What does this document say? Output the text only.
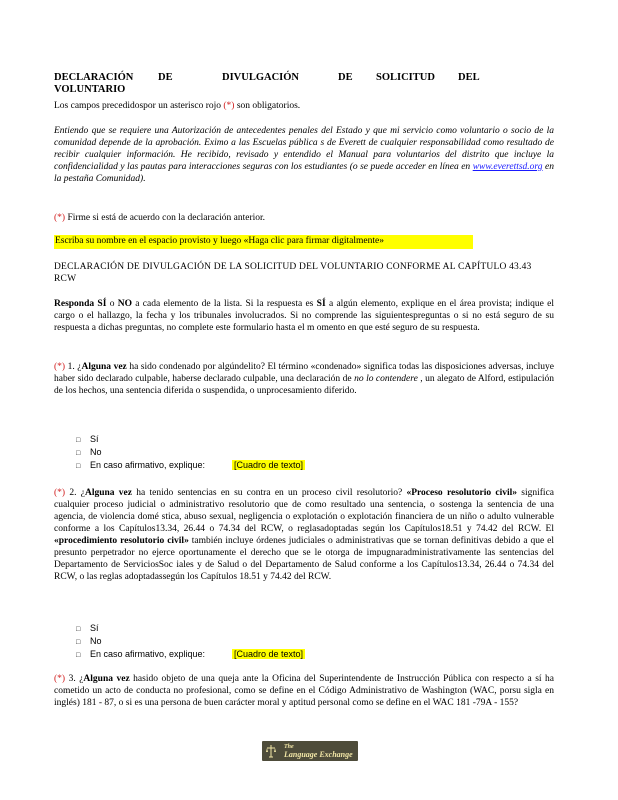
DECLARACIÓN DE	DIVULGACIÓN	DE SOLICITUD DELVOLUNTARIO
Los campos precedidospor un asterisco rojo (*) son obligatorios.
Entiendo que se requiere una Autorización de antecedentes penales del Estado y que mi servicio como voluntario o socio de la comunidad depende de la aprobación. Eximo a las Escuelas pública s de Everett de cualquier responsabilidad como resultado de recibir cualquier información. He recibido, revisado y entendido el Manual para voluntarios del distrito que incluye la confidencialidad y las pautas para interacciones seguras con los estudiantes (o se puede acceder en línea en www.everettsd.org en la pestaña Comunidad).
(*) Firme si está de acuerdo con la declaración anterior.
Escriba su nombre en el espacio provisto y luego «Haga clic para firmar digitalmente»
DECLARACIÓN DE DIVULGACIÓN DE LA SOLICITUD DEL VOLUNTARIO CONFORME AL CAPÍTULO 43.43 RCW
Responda SÍ o NO a cada elemento de la lista. Si la respuesta es SÍ a algún elemento, explique en el área provista; indique el cargo o el hallazgo, la fecha y los tribunales involucrados. Si no comprende las siguientespreguntas o si no está seguro de su respuesta a dichas preguntas, no complete este formulario hasta el m omento en que esté seguro de su respuesta.
(*) 1. ¿Alguna vez ha sido condenado por algúndelito? El término «condenado» significa todas las disposiciones adversas, incluye haber sido declarado culpable, haberse declarado culpable, una declaración de no lo contendere , un alegato de Alford, estipulación de los hechos, una sentencia diferida o suspendida, o unprocesamiento diferido.
□ Sí
□ No
□ En caso afirmativo, explique:	[Cuadro de texto]
(*) 2. ¿Alguna vez ha tenido sentencias en su contra en un proceso civil resolutorio? «Proceso resolutorio civil» significa cualquier proceso judicial o administrativo resolutorio que de como resultado una sentencia, o sostenga la sentencia de una agencia, de violencia domé stica, abuso sexual, negligencia o explotación o explotación financiera de un niño o adulto vulnerable conforme a los Capítulos13.34, 26.44 o 74.34 del RCW, o reglasadoptadas según los Capítulos18.51 y 74.42 del RCW. El «procedimiento resolutorio civil» también incluye órdenes judiciales o administrativas que se tornan definitivas debido a que el presunto perpetrador no ejerce oportunamente el derecho que se le otorga de impugnaradministrativamente las sentencias del Departamento de ServiciosSoc iales y de Salud o del Departamento de Salud conforme a los Capítulos13.34, 26.44 o 74.34 del RCW, o las reglas adoptadassegún los Capítulos 18.51 y 74.42 del RCW.
□ Sí
□ No
□ En caso afirmativo, explique:	[Cuadro de texto]
(*) 3. ¿Alguna vez hasido objeto de una queja ante la Oficina del Superintendente de Instrucción Pública con respecto a sí ha cometido un acto de conducta no profesional, como se define en el Código Administrativo de Washington (WAC, porsu sigla en inglés) 181 - 87, o si es una persona de buen carácter moral y aptitud personal como se define en el WAC 181 -79A - 155?
The
Language Exchange
